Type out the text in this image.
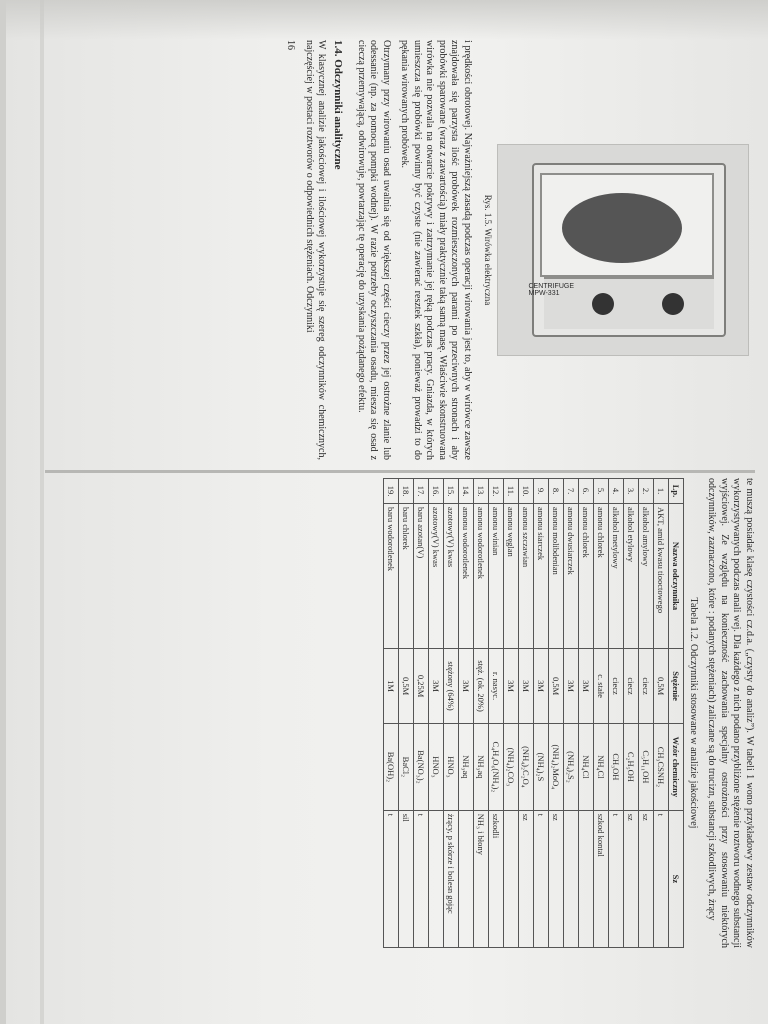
CENTRIFUGE MPW-331

Rys. 1.5. Wirówka elektryczna

i prędkości obrotowej. Najważniejszą zasadą podczas operacji wirowania jest to, aby w wirówce zawsze znajdowała się parzysta ilość probówek rozmieszczonych parami po przeciwnych stronach i aby probówki sparowane (wraz z zawartością) miały praktycznie taką samą masę. Właściwie skonstruowana wirówka nie pozwala na otwarcie pokrywy i zatrzymanie jej ręką podczas pracy. Gniazda, w których umieszcza się probówki powinny być czyste (nie zawierać resztek szkła), ponieważ prowadzi to do pękania wirowanych probówek.

Otrzymany przy wirowaniu osad uwalnia się od większej części cieczy przez jej ostrożne zlanie lub odessanie (np. za pomocą pompki wodnej). W razie potrzeby oczyszczania osadu, miesza się osad z cieczą przemywającą, odwirowuje, powtarzając tę operację do uzyskania pożądanego efektu.

1.4. Odczynniki analityczne

W klasycznej analizie jakościowej i ilościowej wykorzystuje się szereg odczynników chemicznych, najczęściej w postaci roztworów o odpowiednich stężeniach. Odczynniki

16

te muszą posiadać klasę czystości cz.d.a. („czysty do analiz”). W tabeli 1 wono przykładowy zestaw odczynników wykorzystywanych podczas anali wej. Dla każdego z nich podano przybliżone stężenie roztworu wodnego substancji wyjściowej. Ze względu na konieczność zachowania specjalny ostrożności przy stosowaniu niektórych odczynników, zaznaczono, które : podanych stężeniach) zaliczane są do trucizn, substancji szkodliwych, żrący

Tabela 1.2. Odczynniki stosowane w analizie jakościowej

Lp.	Nazwa odczynnika	Stężenie	Wzór chemiczny	Sz
1.	AKT, amid kwasu tiooctowego	0,5M	CH₃CSNH₂	t
2.	alkohol amylowy	ciecz	C₅H₁₁OH	sz
3.	alkohol etylowy	ciecz	C₂H₅OH	sz
4.	alkohol metylowy	ciecz	CH₃OH	t
5.	amonu chlorek	c. stałe	NH₄Cl	szkod kontal
6.	amonu chlorek	3M	NH₄Cl	
7.	amonu dwusiarczek	3M	(NH₄)₂S₂	
8.	amonu molibdenian	0,5M	(NH₄)₂MoO₄	sz
9.	amonu siarczek	3M	(NH₄)₂S	t
10.	amonu szczawian	3M	(NH₄)₂C₂O₄	sz
11.	amonu węglan	3M	(NH₄)₂CO₃	
12.	amonu winian	r. nasyc.	C₄H₄O₆(NH₄)₂	szkodli
13.	amonu wodorotlenek	stęż. (ok. 20%)	NH₃aq	NH₃ i błony
14.	amonu wodorotlenek	3M	NH₃aq	
15.	azotowy(V) kwas	stężony (64%)	HNO₃	żrący, p skórze i bolesn gojąc
16.	azotowy(V) kwas	3M	HNO₃	
17.	baru azotan(V)	0,25M	Ba(NO₃)₂	t
18.	baru chlorek	0,5M	BaCl₂	sil
19.	baru wodorotlenek	1M	Ba(OH)₂	t
